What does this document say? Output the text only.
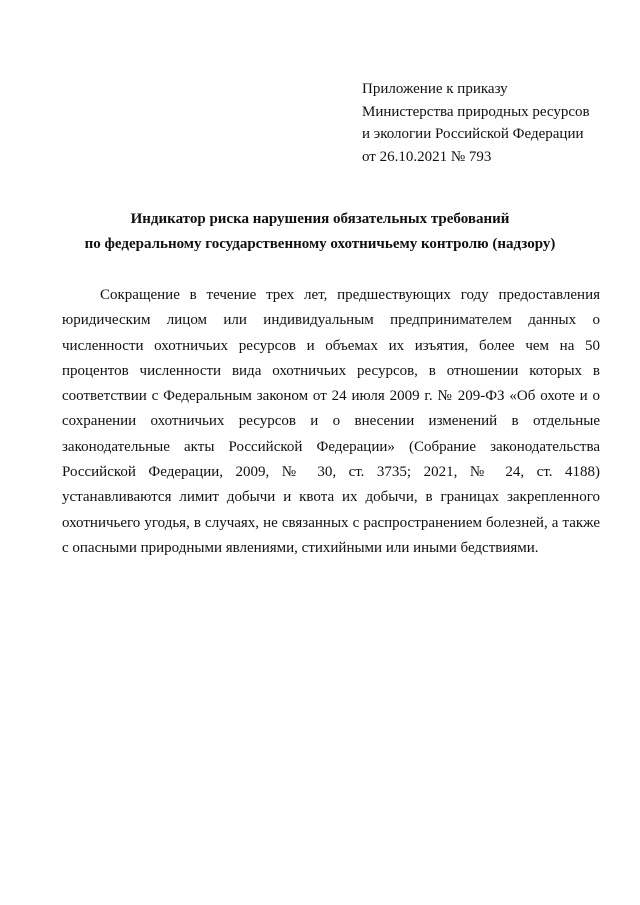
Приложение к приказу
Министерства природных ресурсов
и экологии Российской Федерации
от 26.10.2021 № 793
Индикатор риска нарушения обязательных требований
по федеральному государственному охотничьему контролю (надзору)
Сокращение в течение трех лет, предшествующих году предоставления
юридическим лицом или индивидуальным предпринимателем данных о
численности охотничьих ресурсов и объемах их изъятия, более чем на 50
процентов численности вида охотничьих ресурсов, в отношении которых в
соответствии с Федеральным законом от 24 июля 2009 г. № 209-ФЗ «Об охоте и о
сохранении охотничьих ресурсов и о внесении изменений в отдельные
законодательные акты Российской Федерации» (Собрание законодательства
Российской Федерации, 2009, № 30, ст. 3735; 2021, № 24, ст. 4188)
устанавливаются лимит добычи и квота их добычи, в границах закрепленного
охотничьего угодья, в случаях, не связанных с распространением болезней, а также
с опасными природными явлениями, стихийными или иными бедствиями.
